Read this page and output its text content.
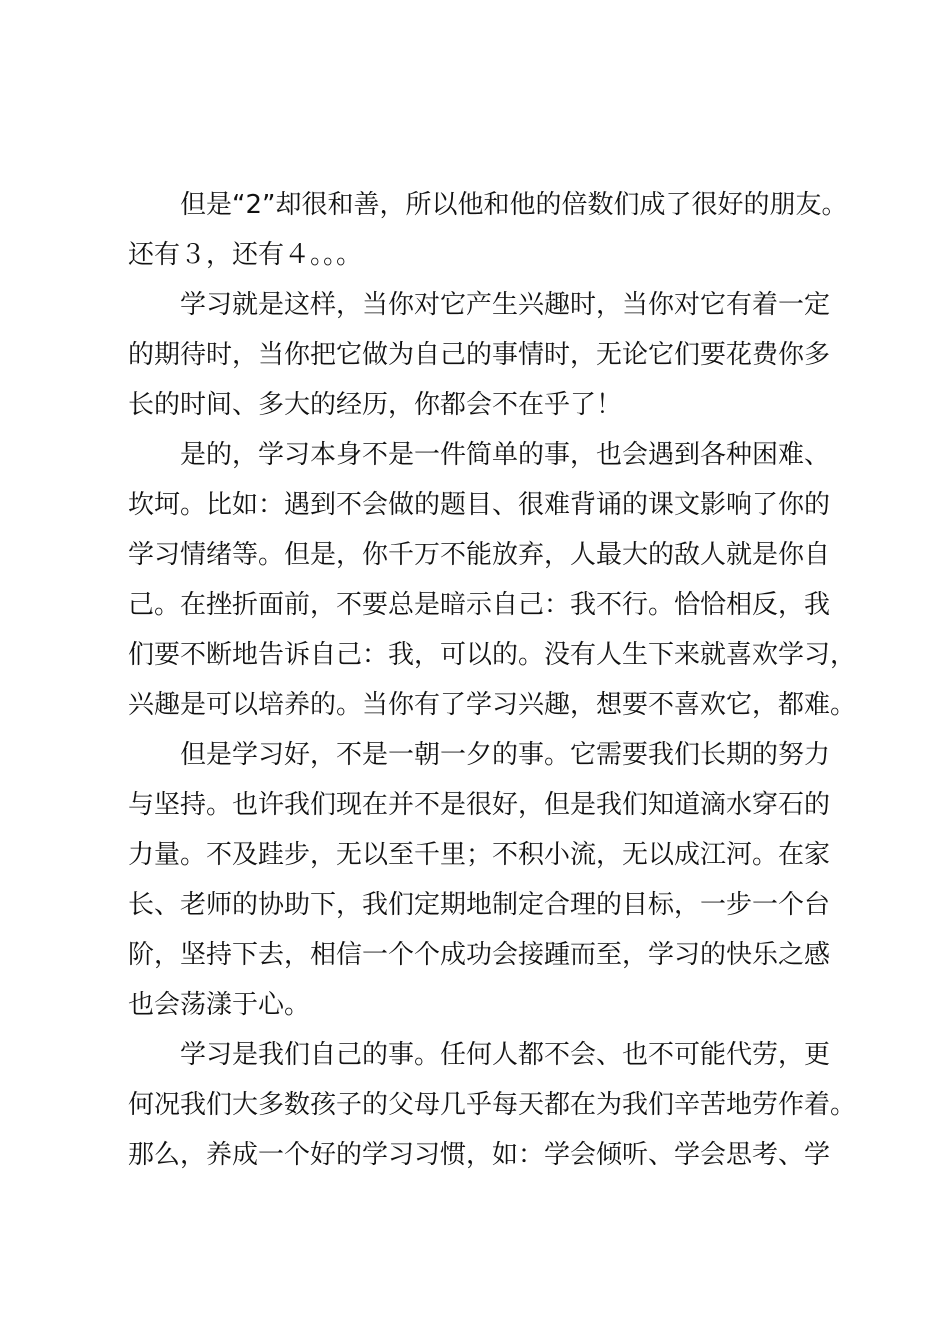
但是“2”却很和善，所以他和他的倍数们成了很好的朋友。
还有３，还有４。。。
学习就是这样，当你对它产生兴趣时，当你对它有着一定
的期待时，当你把它做为自己的事情时，无论它们要花费你多
长的时间、多大的经历，你都会不在乎了！
是的，学习本身不是一件简单的事，也会遇到各种困难、
坎坷。比如：遇到不会做的题目、很难背诵的课文影响了你的
学习情绪等。但是，你千万不能放弃，人最大的敌人就是你自
己。在挫折面前，不要总是暗示自己：我不行。恰恰相反，我
们要不断地告诉自己：我，可以的。没有人生下来就喜欢学习，
兴趣是可以培养的。当你有了学习兴趣，想要不喜欢它，都难。
但是学习好，不是一朝一夕的事。它需要我们长期的努力
与坚持。也许我们现在并不是很好，但是我们知道滴水穿石的
力量。不及跬步，无以至千里；不积小流，无以成江河。在家
长、老师的协助下，我们定期地制定合理的目标，一步一个台
阶，坚持下去，相信一个个成功会接踵而至，学习的快乐之感
也会荡漾于心。
学习是我们自己的事。任何人都不会、也不可能代劳，更
何况我们大多数孩子的父母几乎每天都在为我们辛苦地劳作着。
那么，养成一个好的学习习惯，如：学会倾听、学会思考、学
